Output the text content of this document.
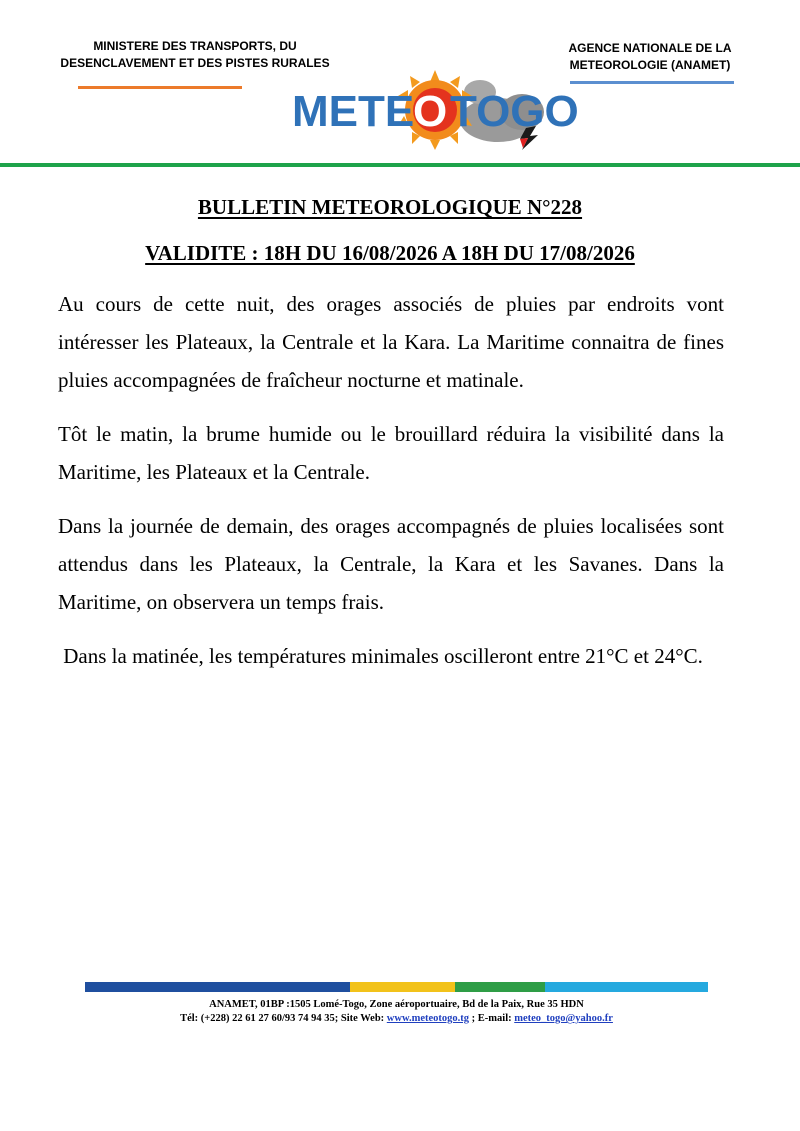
MINISTERE DES TRANSPORTS, DU
DESENCLAVEMENT ET DES PISTES RURALES
AGENCE NATIONALE DE LA
METEOROLOGIE (ANAMET)
METE
O TOGO
BULLETIN METEOROLOGIQUE N°228
VALIDITE : 18H DU 16/08/2026 A 18H DU 17/08/2026

Au cours de cette nuit, des orages associés de pluies par endroits vont intéresser les Plateaux, la Centrale et la Kara. La Maritime connaitra de fines pluies accompagnées de fraîcheur nocturne et matinale.

Tôt le matin, la brume humide ou le brouillard réduira la visibilité dans la Maritime, les Plateaux et la Centrale.

Dans la journée de demain, des orages accompagnés de pluies localisées sont attendus dans les Plateaux, la Centrale, la Kara et les Savanes. Dans la Maritime, on observera un temps frais.

Dans la matinée, les températures minimales oscilleront entre 21°C et 24°C.

ANAMET, 01BP :1505 Lomé-Togo, Zone aéroportuaire, Bd de la Paix, Rue 35 HDN
Tél: (+228) 22 61 27 60/93 74 94 35; Site Web: www.meteotogo.tg ; E-mail: meteo_togo@yahoo.fr
